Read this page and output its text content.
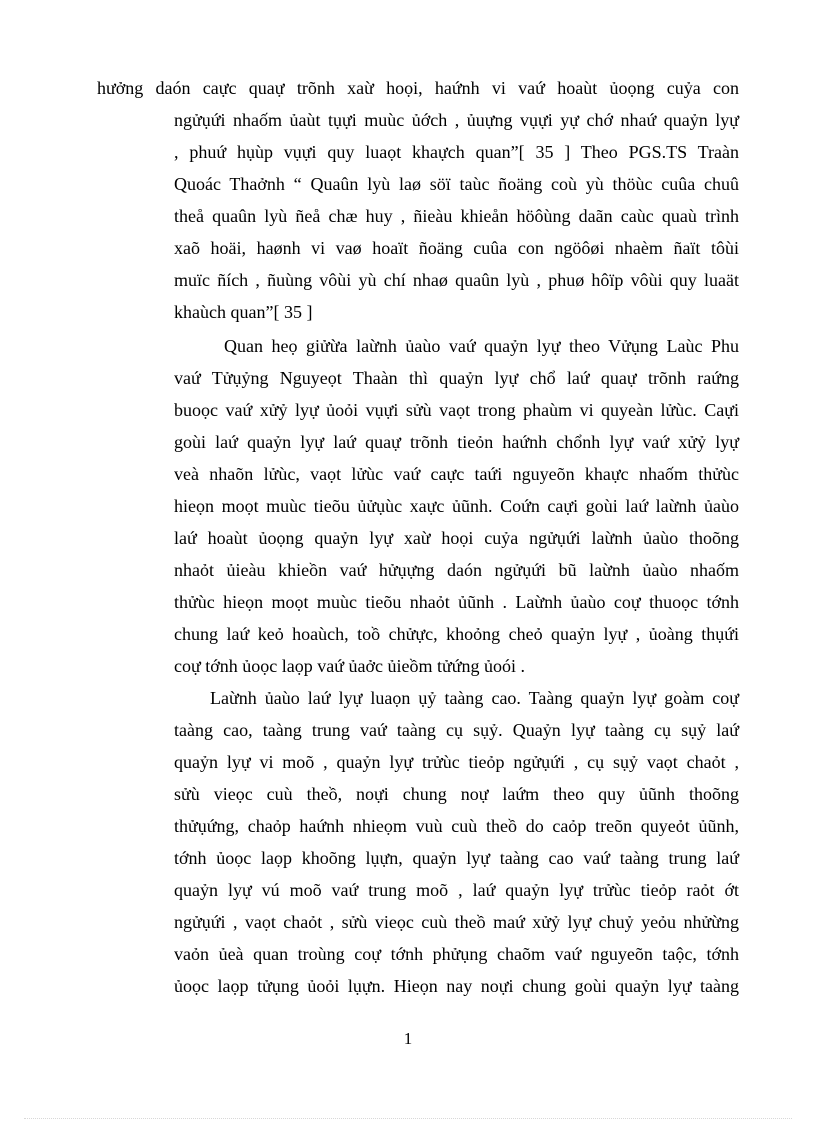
hưởng daón caực quaự trõnh xaừ hoọi, haứnh vi vaứ hoaùt ủoọng cuỷa con
ngửụứi nhaốm ủaùt tụựi muùc ủớch , ủuựng vụựi yự chớ nhaứ quaỷn lyự
, phuứ hụùp vụựi quy luaọt khaựch quan”[ 35 ] Theo PGS.TS Traàn
Quoác Thaởnh “ Quaûn lyù laø söï taùc ñoäng coù yù thöùc cuûa chuû
theå quaûn lyù ñeå chæ huy , ñieàu khieån höôùng daãn caùc quaù trình
xaõ hoäi, haønh vi vaø hoaït ñoäng cuûa con ngöôøi nhaèm ñaït tôùi
muïc ñích , ñuùng vôùi yù chí nhaø quaûn lyù , phuø hôïp vôùi quy luaät
khaùch quan”[ 35 ]
Quan heọ giửừa laừnh ủaùo vaứ quaỷn lyự theo Vửụng Laùc Phu
vaứ Tửụỷng Nguyeọt Thaàn thì quaỷn lyự chổ laứ quaự trõnh raứng
buoọc vaứ xửỷ lyự ủoỏi vụựi sửù vaọt trong phaùm vi quyeàn lửùc. Caựi
goùi laứ quaỷn lyự laứ quaự trõnh tieỏn haứnh chổnh lyự vaứ xửỷ lyự
veà nhaõn lửùc, vaọt lửùc vaứ caực taứi nguyeõn khaực nhaốm thửùc
hieọn moọt muùc tieõu ủửụùc xaực ủũnh. Coứn caựi goùi laứ laừnh ủaùo
laứ hoaùt ủoọng quaỷn lyự xaừ hoọi cuỷa ngửụứi laừnh ủaùo thoõng
nhaỏt ủieàu khieồn vaứ hửụựng daón ngửụứi bũ laừnh ủaùo nhaốm
thửùc hieọn moọt muùc tieõu nhaỏt ủũnh . Laừnh ủaùo coự thuoọc tớnh
chung laứ keỏ hoaùch, toồ chửực, khoỏng cheỏ quaỷn lyự , ủoàng thụứi
coự tớnh ủoọc laọp vaứ ủaởc ủieồm tửứng ủoói .
Laừnh ủaùo laứ lyự luaọn ụỷ taàng cao. Taàng quaỷn lyự goàm coự
taàng cao, taàng trung vaứ taàng cụ sụỷ. Quaỷn lyự taàng cụ sụỷ laứ
quaỷn lyự vi moõ , quaỷn lyự trửùc tieỏp ngửụứi , cụ sụỷ vaọt chaỏt ,
sửù vieọc cuù theồ, noựi chung noự laứm theo quy ủũnh thoõng
thửụứng, chaỏp haứnh nhieọm vuù cuù theồ do caỏp treõn quyeỏt ủũnh,
tớnh ủoọc laọp khoõng lụựn, quaỷn lyự taàng cao vaứ taàng trung laứ
quaỷn lyự vú moõ vaứ trung moõ , laứ quaỷn lyự trửùc tieỏp raỏt ớt
ngửụứi , vaọt chaỏt , sửù vieọc cuù theồ maứ xửỷ lyự chuỷ yeỏu nhửừng
vaỏn ủeà quan troùng coự tớnh phửụng chaõm vaứ nguyeõn taộc, tớnh
ủoọc laọp tửụng ủoỏi lụựn. Hieọn nay noựi chung goùi quaỷn lyự taàng
1
